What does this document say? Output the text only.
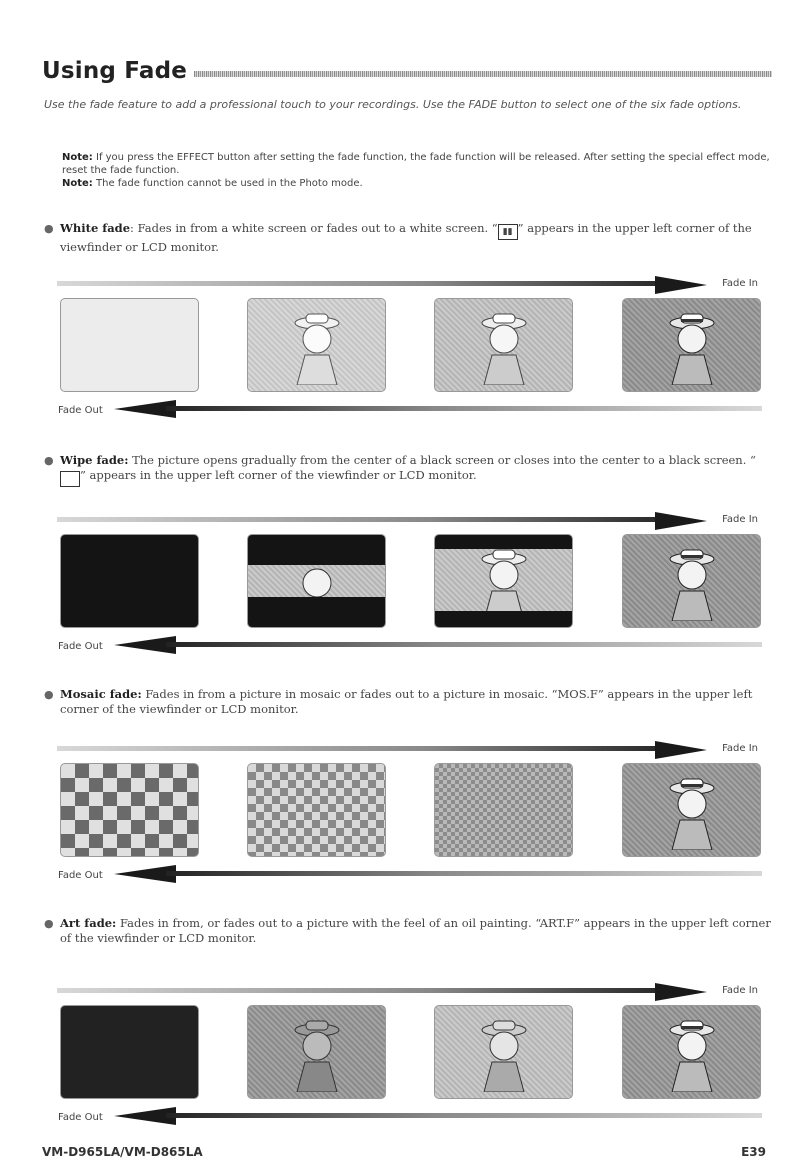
Using Fade
Use the fade feature to add a professional touch to your recordings. Use the FADE button to select one of the six fade options.

Note: If you press the EFFECT button after setting the fade function, the fade function will be released. After setting the special effect mode, reset the fade function.

Note: The fade function cannot be used in the Photo mode.

● White fade: Fades in from a white screen or fades out to a white screen. “ ▮▮ ” appears in the upper left corner of the viewfinder or LCD monitor.
Fade In
Fade Out
● Wipe fade: The picture opens gradually from the center of a black screen or closes into the center to a black screen. “ ” appears in the upper left corner of the viewfinder or LCD monitor.
Fade In
Fade Out
● Mosaic fade: Fades in from a picture in mosaic or fades out to a picture in mosaic. “MOS.F” appears in the upper left corner of the viewfinder or LCD monitor.
Fade In
Fade Out
● Art fade: Fades in from, or fades out to a picture with the feel of an oil painting. “ART.F” appears in the upper left corner of the viewfinder or LCD monitor.
Fade In
Fade Out
VM-D965LA/VM-D865LA	E39
